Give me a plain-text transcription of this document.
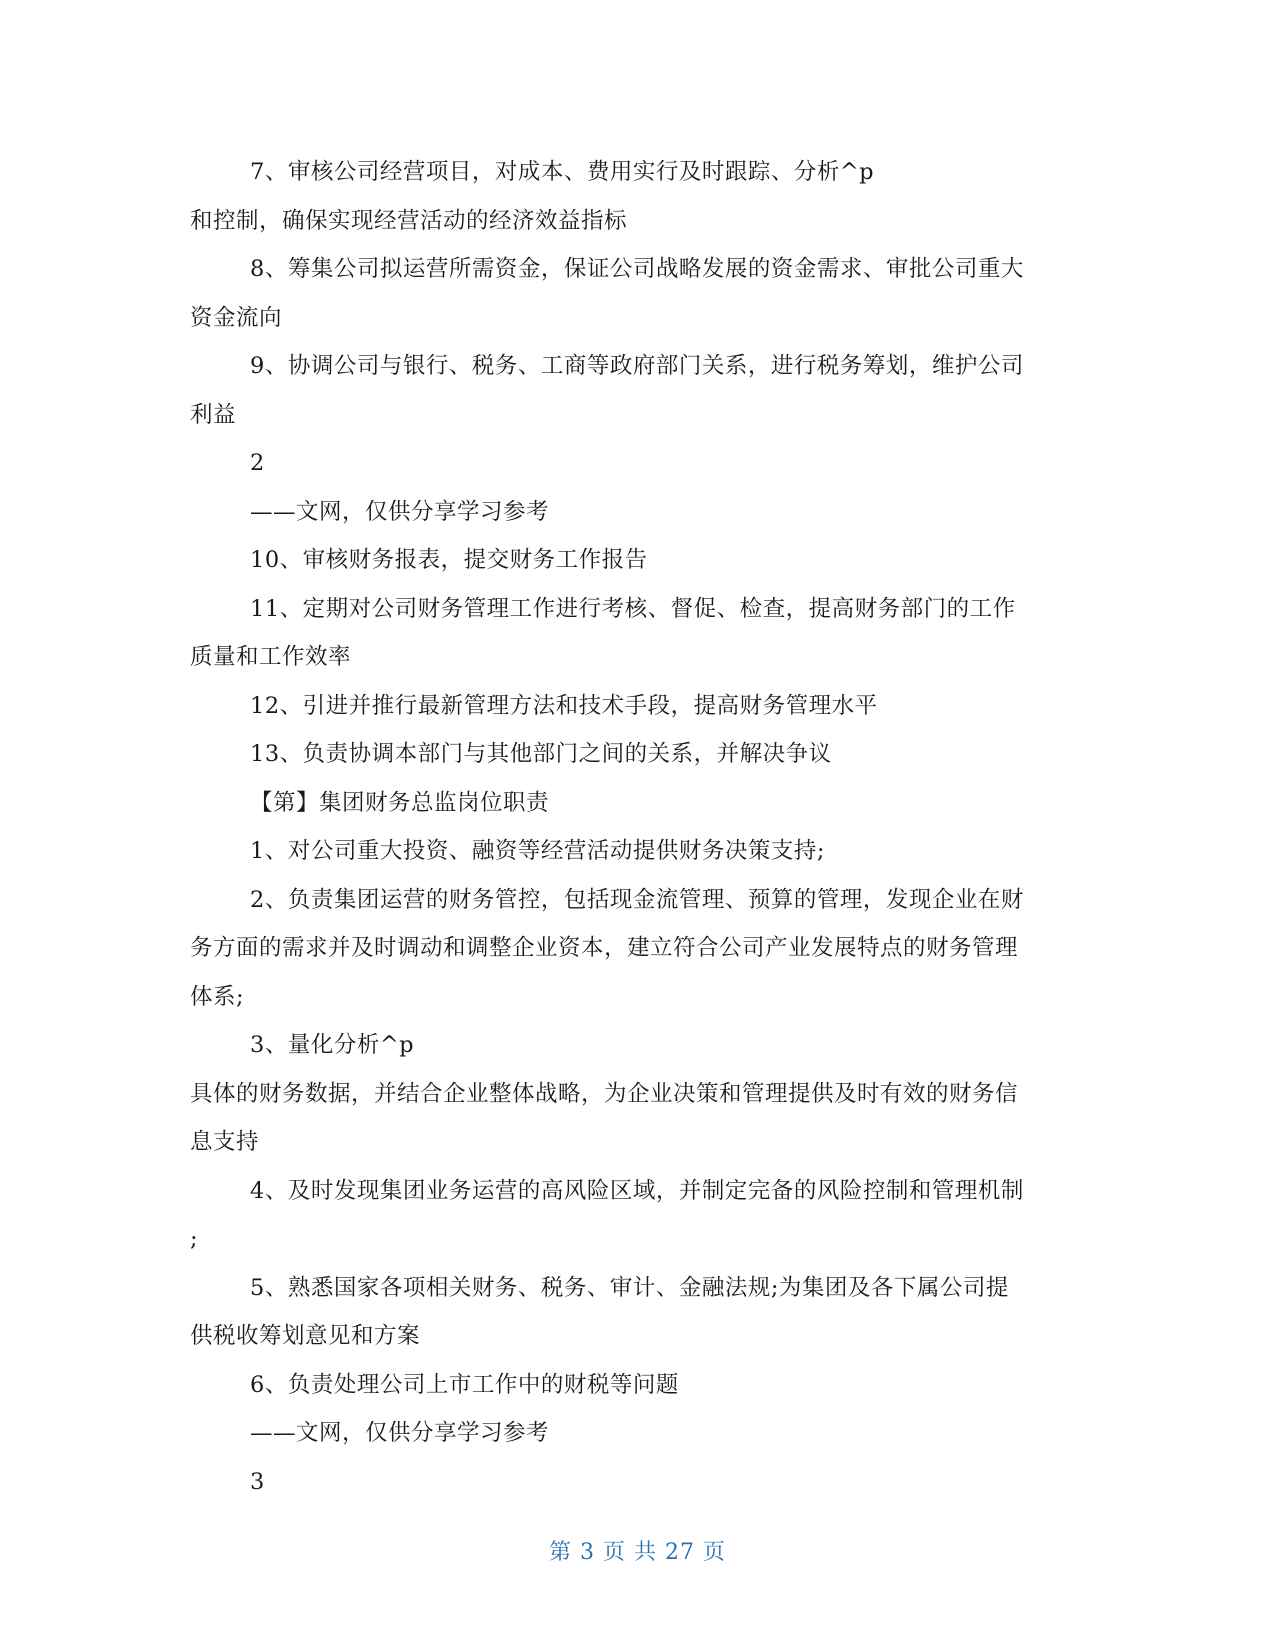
7、审核公司经营项目，对成本、费用实行及时跟踪、分析^p
和控制，确保实现经营活动的经济效益指标
8、筹集公司拟运营所需资金，保证公司战略发展的资金需求、审批公司重大
资金流向
9、协调公司与银行、税务、工商等政府部门关系，进行税务筹划，维护公司
利益
2
——文网，仅供分享学习参考
10、审核财务报表，提交财务工作报告
11、定期对公司财务管理工作进行考核、督促、检查，提高财务部门的工作
质量和工作效率
12、引进并推行最新管理方法和技术手段，提高财务管理水平
13、负责协调本部门与其他部门之间的关系，并解决争议
【第】集团财务总监岗位职责
1、对公司重大投资、融资等经营活动提供财务决策支持;
2、负责集团运营的财务管控，包括现金流管理、预算的管理，发现企业在财
务方面的需求并及时调动和调整企业资本，建立符合公司产业发展特点的财务管理
体系;
3、量化分析^p
具体的财务数据，并结合企业整体战略，为企业决策和管理提供及时有效的财务信
息支持
4、及时发现集团业务运营的高风险区域，并制定完备的风险控制和管理机制
;
5、熟悉国家各项相关财务、税务、审计、金融法规;为集团及各下属公司提
供税收筹划意见和方案
6、负责处理公司上市工作中的财税等问题
——文网，仅供分享学习参考
3
第 3 页 共 27 页
